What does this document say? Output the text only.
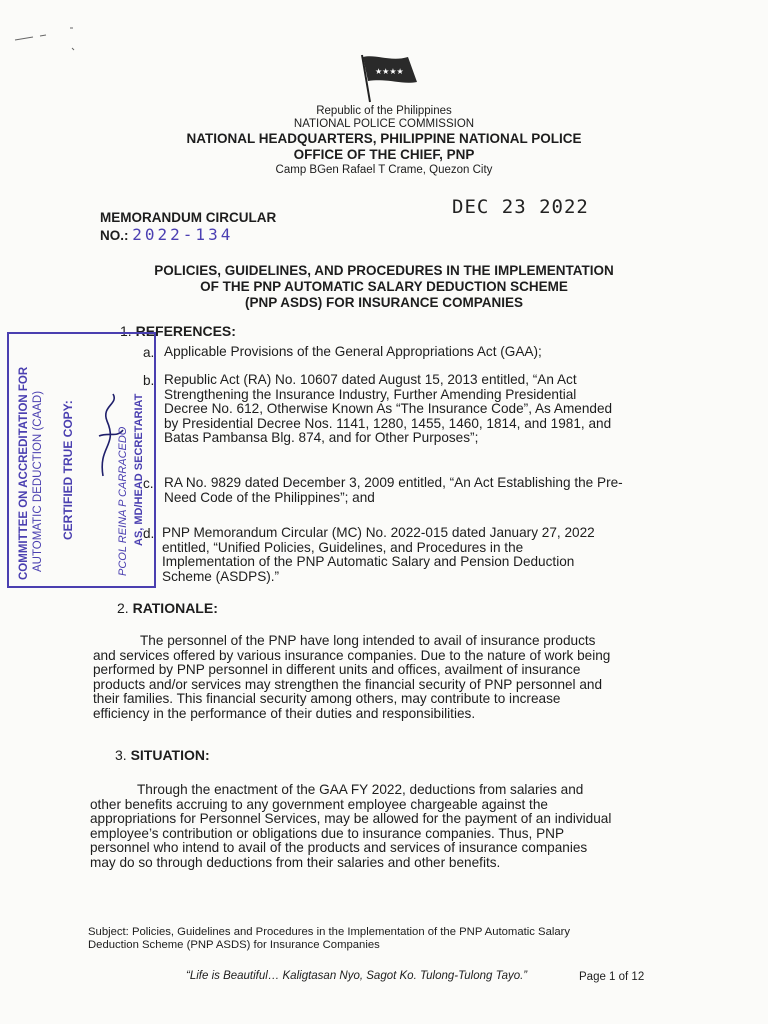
★★★★
Republic of the Philippines
NATIONAL POLICE COMMISSION
NATIONAL HEADQUARTERS, PHILIPPINE NATIONAL POLICE
OFFICE OF THE CHIEF, PNP
Camp BGen Rafael T Crame, Quezon City
DEC 23 2022
MEMORANDUM CIRCULAR
NO.: 2022-134
POLICIES, GUIDELINES, AND PROCEDURES IN THE IMPLEMENTATION
OF THE PNP AUTOMATIC SALARY DEDUCTION SCHEME
(PNP ASDS) FOR INSURANCE COMPANIES
1. REFERENCES:
a. Applicable Provisions of the General Appropriations Act (GAA);
b. Republic Act (RA) No. 10607 dated August 15, 2013 entitled, “An Act
Strengthening the Insurance Industry, Further Amending Presidential
Decree No. 612, Otherwise Known As “The Insurance Code”, As Amended
by Presidential Decree Nos. 1141, 1280, 1455, 1460, 1814, and 1981, and
Batas Pambansa Blg. 874, and for Other Purposes”;
c. RA No. 9829 dated December 3, 2009 entitled, “An Act Establishing the Pre-
Need Code of the Philippines”; and
d. PNP Memorandum Circular (MC) No. 2022-015 dated January 27, 2022
entitled, “Unified Policies, Guidelines, and Procedures in the
Implementation of the PNP Automatic Salary and Pension Deduction
Scheme (ASDPS).”
COMMITTEE ON ACCREDITATION FOR AUTOMATIC DEDUCTION (CAAD) CERTIFIED TRUE COPY:	PCOL REINA P CARRACEDO AS, MD/HEAD SECRETARIAT
2. RATIONALE:
The personnel of the PNP have long intended to avail of insurance products
and services offered by various insurance companies. Due to the nature of work being
performed by PNP personnel in different units and offices, availment of insurance
products and/or services may strengthen the financial security of PNP personnel and
their families. This financial security among others, may contribute to increase
efficiency in the performance of their duties and responsibilities.
3. SITUATION:
Through the enactment of the GAA FY 2022, deductions from salaries and
other benefits accruing to any government employee chargeable against the
appropriations for Personnel Services, may be allowed for the payment of an individual
employee’s contribution or obligations due to insurance companies. Thus, PNP
personnel who intend to avail of the products and services of insurance companies
may do so through deductions from their salaries and other benefits.
Subject: Policies, Guidelines and Procedures in the Implementation of the PNP Automatic Salary
Deduction Scheme (PNP ASDS) for Insurance Companies
“Life is Beautiful… Kaligtasan Nyo, Sagot Ko. Tulong-Tulong Tayo.”	Page 1 of 12
